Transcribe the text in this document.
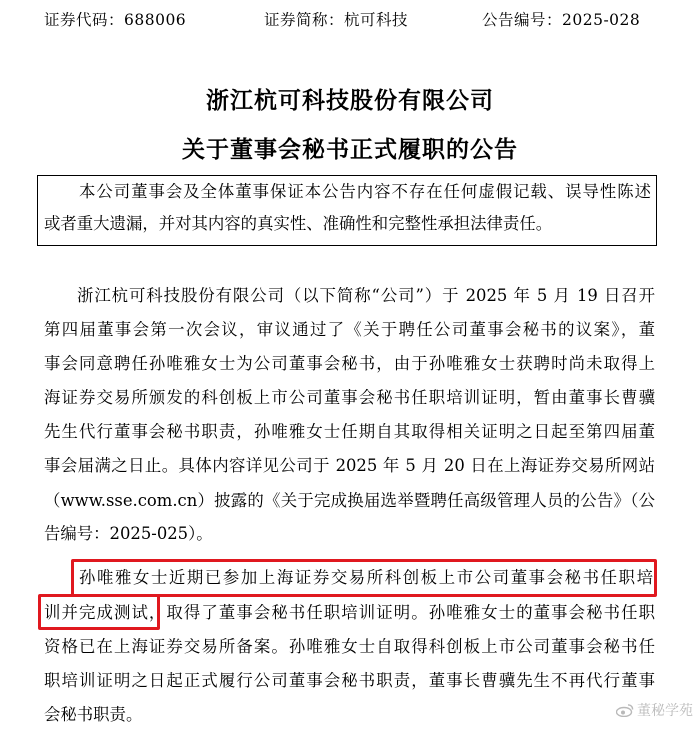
证券代码：688006	证券简称：杭可科技	公告编号：2025-028
浙江杭可科技股份有限公司
关于董事会秘书正式履职的公告
本公司董事会及全体董事保证本公告内容不存在任何虚假记载、误导性陈述
或者重大遗漏，并对其内容的真实性、准确性和完整性承担法律责任。
浙江杭可科技股份有限公司（以下简称“公司”）于 2025 年 5 月 19 日召开
第四届董事会第一次会议，审议通过了《关于聘任公司董事会秘书的议案》，董
事会同意聘任孙唯雅女士为公司董事会秘书，由于孙唯雅女士获聘时尚未取得上
海证券交易所颁发的科创板上市公司董事会秘书任职培训证明，暂由董事长曹骥
先生代行董事会秘书职责，孙唯雅女士任期自其取得相关证明之日起至第四届董
事会届满之日止。具体内容详见公司于 2025 年 5 月 20 日在上海证券交易所网站
（www.sse.com.cn）披露的《关于完成换届选举暨聘任高级管理人员的公告》（公
告编号：2025-025）。
孙唯雅女士近期已参加上海证券交易所科创板上市公司董事会秘书任职培
训并完成测试，取得了董事会秘书任职培训证明。孙唯雅女士的董事会秘书任职
资格已在上海证券交易所备案。孙唯雅女士自取得科创板上市公司董事会秘书任
职培训证明之日起正式履行公司董事会秘书职责，董事长曹骥先生不再代行董事
会秘书职责。	董秘学苑
